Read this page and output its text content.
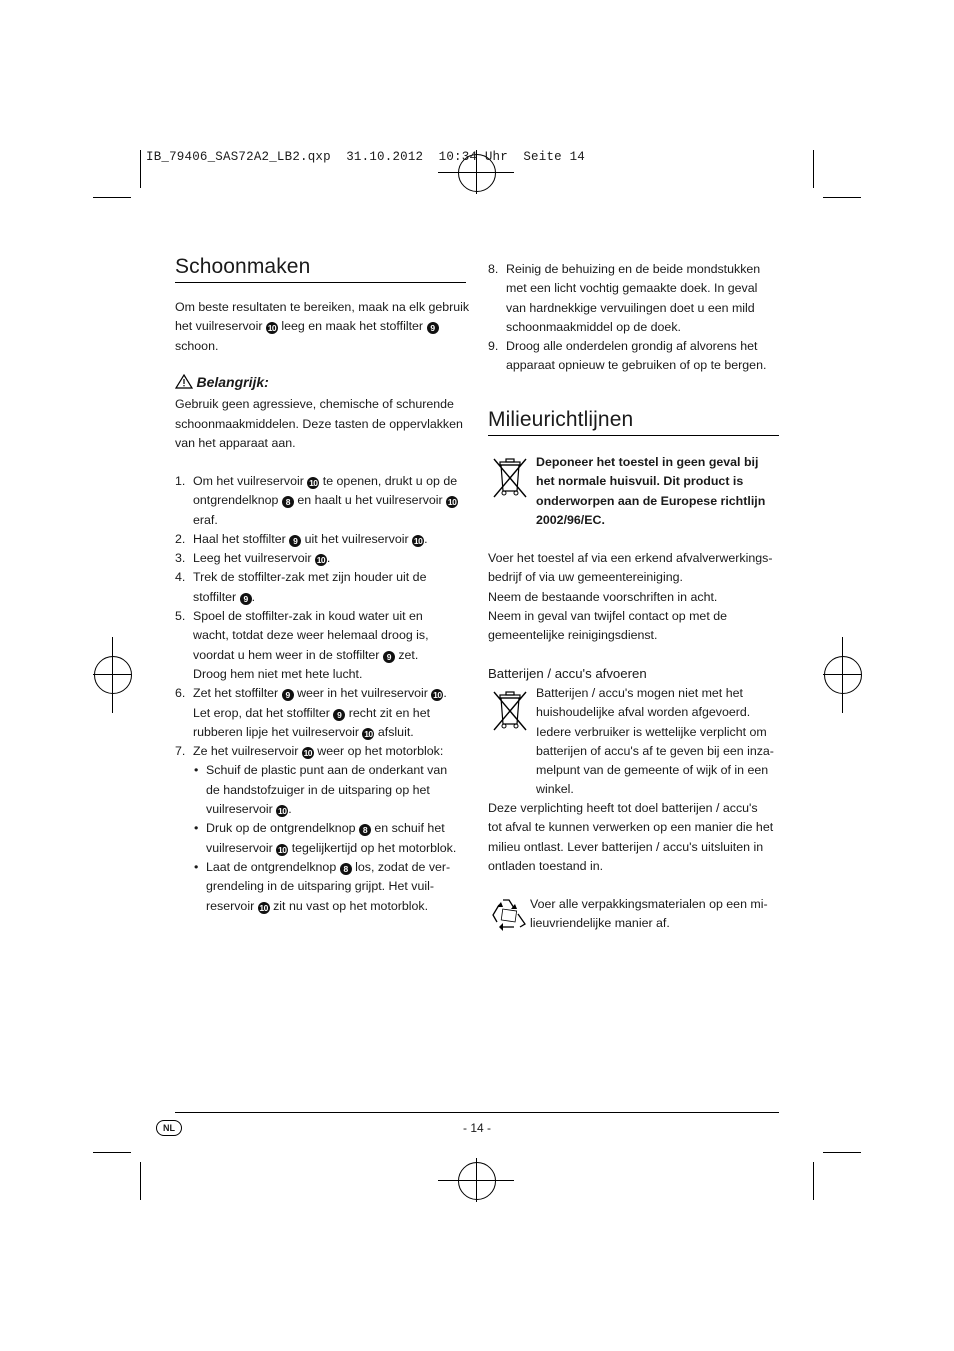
IB_79406_SAS72A2_LB2.qxp  31.10.2012  10:34 Uhr  Seite 14
Schoonmaken

Om beste resultaten te bereiken, maak na elk gebruik

het vuilreservoir 10 leeg en maak het stoffilter 9

schoon.

Belangrijk:

Gebruik geen agressieve, chemische of schurende

schoonmaakmiddelen. Deze tasten de oppervlakken

van het apparaat aan.

1. Om het vuilreservoir 10 te openen, drukt u op de
ontgrendelknop 8 en haalt u het vuilreservoir 10
eraf.
2. Haal het stoffilter 9 uit het vuilreservoir 10 .
3. Leeg het vuilreservoir 10 .
4. Trek de stoffilter-zak met zijn houder uit de
stoffilter 9 .
5. Spoel de stoffilter-zak in koud water uit en
wacht, totdat deze weer helemaal droog is,
voordat u hem weer in de stoffilter 9 zet.
Droog hem niet met hete lucht.
6. Zet het stoffilter 9 weer in het vuilreservoir 10 .
Let erop, dat het stoffilter 9 recht zit en het
rubberen lipje het vuilreservoir 10 afsluit.
7. Ze het vuilreservoir 10 weer op het motorblok:
• Schuif de plastic punt aan de onderkant van
de handstofzuiger in de uitsparing op het
vuilreservoir 10 .
• Druk op de ontgrendelknop 8 en schuif het
vuilreservoir 10 tegelijkertijd op het motorblok.
• Laat de ontgrendelknop 8 los, zodat de ver-
grendeling in de uitsparing grijpt. Het vuil-
reservoir 10 zit nu vast op het motorblok.
8. Reinig de behuizing en de beide mondstukken
met een licht vochtig gemaakte doek. In geval
van hardnekkige vervuilingen doet u een mild
schoonmaakmiddel op de doek.
9. Droog alle onderdelen grondig af alvorens het
apparaat opnieuw te gebruiken of op te bergen.
Milieurichtlijnen

Deponeer het toestel in geen geval bij

het normale huisvuil. Dit product is

onderworpen aan de Europese richtlijn

2002/96/EC.

Voer het toestel af via een erkend afvalverwerkings-

bedrijf of via uw gemeentereiniging.

Neem de bestaande voorschriften in acht.

Neem in geval van twijfel contact op met de

gemeentelijke reinigingsdienst.

Batterijen / accu's afvoeren

Batterijen / accu's mogen niet met het

huishoudelijke afval worden afgevoerd.

Iedere verbruiker is wettelijke verplicht om

batterijen of accu's af te geven bij een inza-

melpunt van de gemeente of wijk of in een

winkel.

Deze verplichting heeft tot doel batterijen / accu's

tot afval te kunnen verwerken op een manier die het

milieu ontlast. Lever batterijen / accu's uitsluiten in

ontladen toestand in.

Voer alle verpakkingsmaterialen op een mi-

lieuvriendelijke manier af.

NL	- 14 -
